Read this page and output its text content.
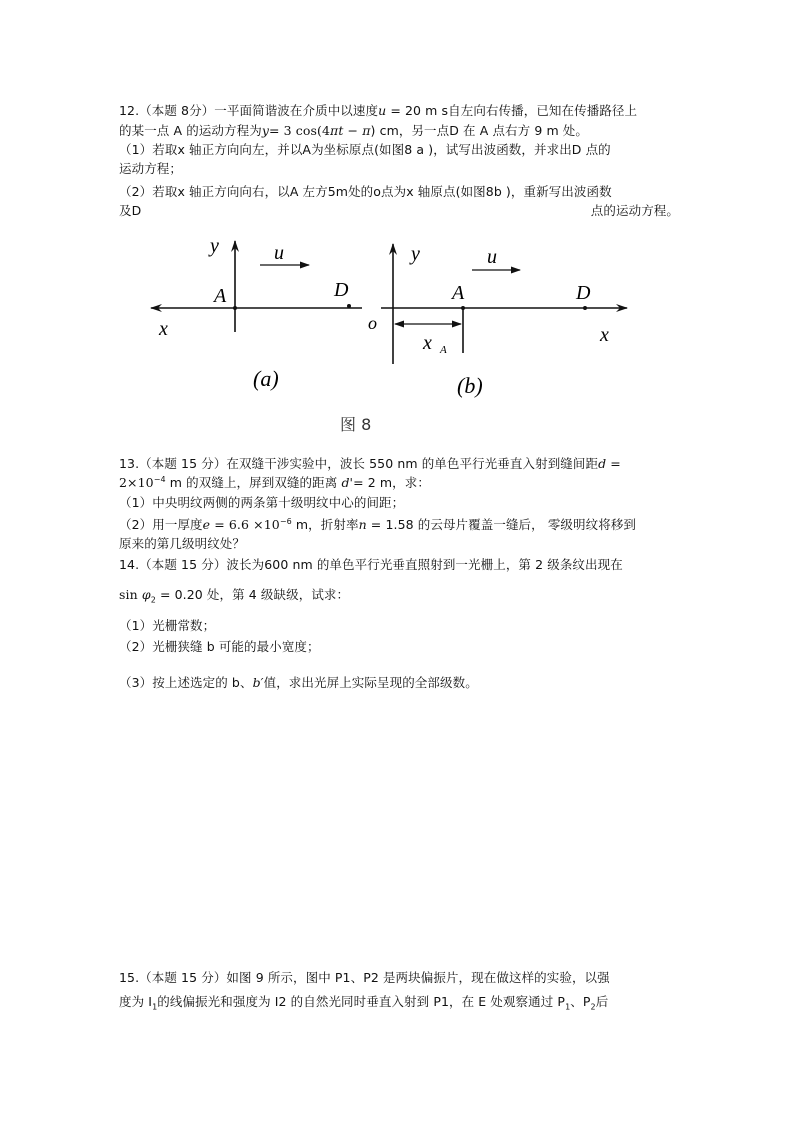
12.（本题 8分）一平面简谐波在介质中以速度u = 20 m s自左向右传播，已知在传播路径上
的某一点 A 的运动方程为y= 3 cos(4πt − π) cm，另一点D 在 A 点右方 9 m 处。
（1）若取x 轴正方向向左，并以A为坐标原点(如图8 a )，试写出波函数，并求出D 点的
运动方程；
（2）若取x 轴正方向向右，以A 左方5m处的o点为x 轴原点(如图8b )，重新写出波函数
及D	点的运动方程。
y	u
A	D
x
(a)
y	u
A	D
o
x
x A
(b)
图 8
13.（本题 15 分）在双缝干涉实验中，波长 550 nm 的单色平行光垂直入射到缝间距d =
$2\times 10^{-4}$ m 的双缝上，屏到双缝的距离 d'= 2 m，求：
（1）中央明纹两侧的两条第十级明纹中心的间距；
（2）用一厚度$e = 6.6 \times 10^{-6}$ m，折射率n = 1.58 的云母片覆盖一缝后， 零级明纹将移到
原来的第几级明纹处？
14.（本题 15 分）波长为600 nm 的单色平行光垂直照射到一光栅上，第 2 级条纹出现在
$\sin \varphi_2 = 0.20$ 处，第 4 级缺级，试求：
（1）光栅常数；
（2）光栅狭缝 b 可能的最小宽度；
（3）按上述选定的 b、b′值，求出光屏上实际呈现的全部级数。
15.（本题 15 分）如图 9 所示，图中 P1、P2 是两块偏振片，现在做这样的实验，以强
度为 $I_1$的线偏振光和强度为 I2 的自然光同时垂直入射到 P1，在 E 处观察通过 $P_1$、$P_2$后
